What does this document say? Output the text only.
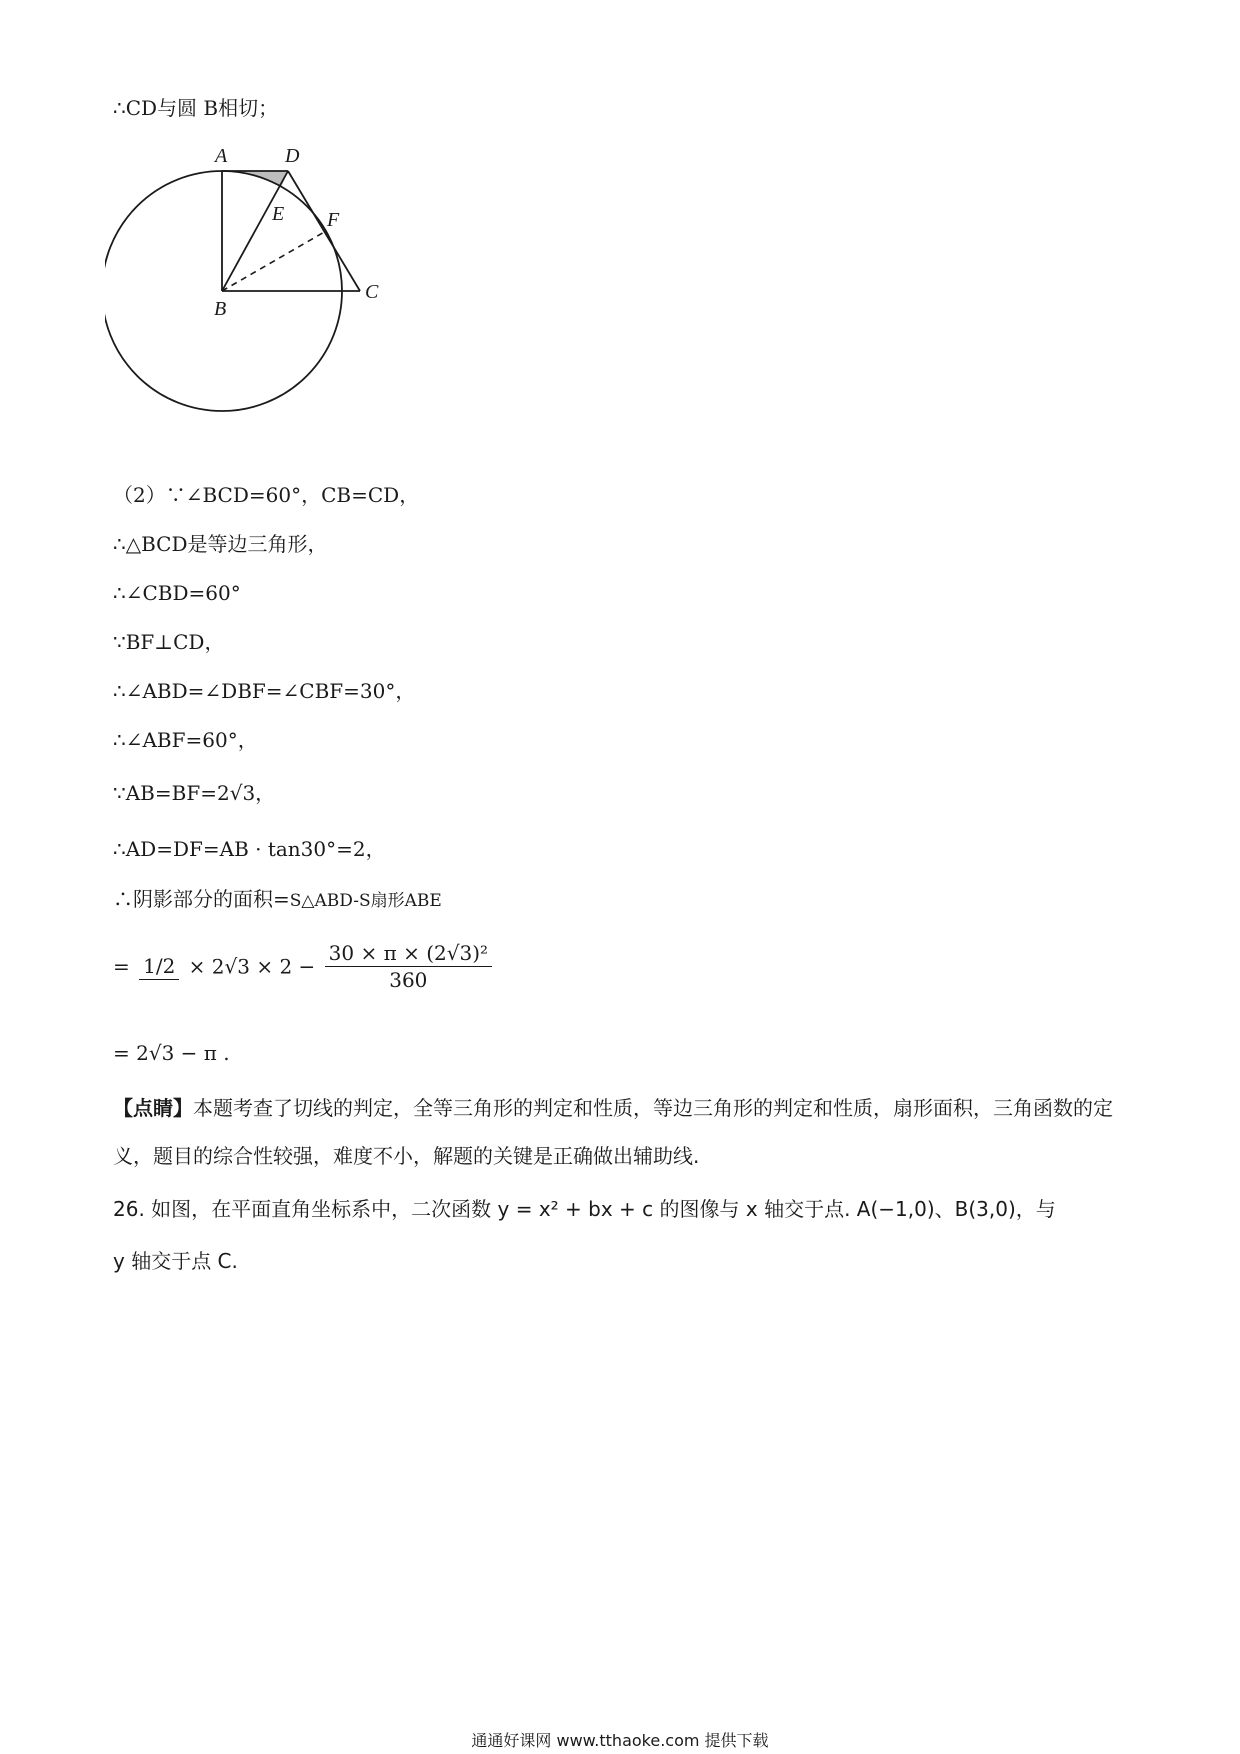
∴CD与圆 B相切；
A	D
E F
B
C
（2）∵∠BCD=60°，CB=CD，
∴△BCD是等边三角形，
∴∠CBD=60°
∵BF⊥CD，
∴∠ABD=∠DBF=∠CBF=30°，
∴∠ABF=60°，
∵AB=BF=2√3，
∴AD=DF=AB · tan30°=2，
∴阴影部分的面积=S△ABD-S扇形ABE
= $1/2 \times 2√3 \times 2 - \frac{\text{30 × π × (2√3)²}}{360}$
= 2√3 − π .
【点睛】本题考查了切线的判定，全等三角形的判定和性质，等边三角形的判定和性质，扇形面积，三角函数的定义，题目的综合性较强，难度不小，解题的关键是正确做出辅助线.
26. 如图，在平面直角坐标系中，二次函数 y = x² + bx + c 的图像与 x 轴交于点. A(−1,0)、B(3,0)，与
y 轴交于点 C.
通通好课网 www.tthaoke.com 提供下载
